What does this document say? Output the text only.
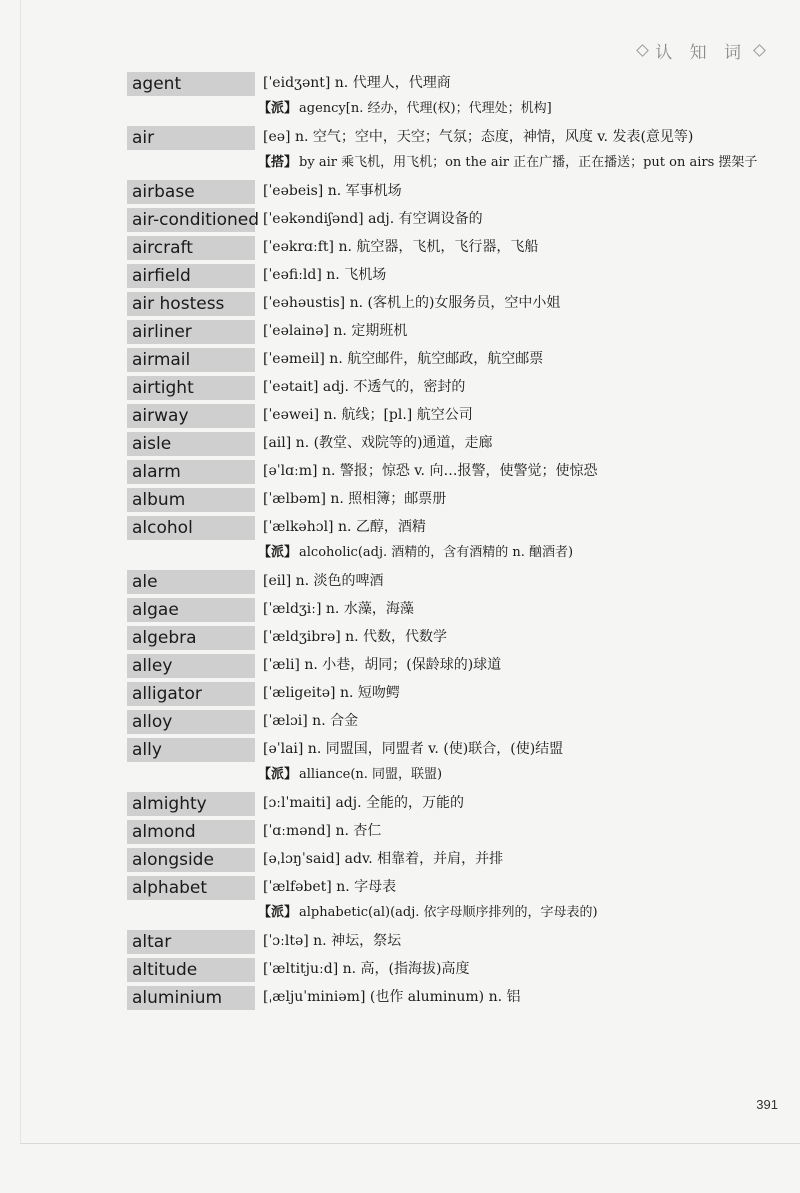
认 知 词
agent	[ˈeidʒənt] n. 代理人，代理商
【派】 agency[n. 经办，代理(权)；代理处；机构]
air	[eə] n. 空气；空中，天空；气氛；态度，神情，风度 v. 发表(意见等)
【搭】 by air 乘飞机，用飞机；on the air 正在广播，正在播送；put on airs 摆架子
airbase	[ˈeəbeis] n. 军事机场
air-conditioned [ˈeəkəndiʃənd] adj. 有空调设备的
aircraft	[ˈeəkrɑːft] n. 航空器，飞机，飞行器，飞船
airfield	[ˈeəfiːld] n. 飞机场
air hostess	[ˈeəhəustis] n. (客机上的)女服务员，空中小姐
airliner	[ˈeəlainə] n. 定期班机
airmail	[ˈeəmeil] n. 航空邮件，航空邮政，航空邮票
airtight	[ˈeətait] adj. 不透气的，密封的
airway	[ˈeəwei] n. 航线；[pl.] 航空公司
aisle	[ail] n. (教堂、戏院等的)通道，走廊
alarm	[əˈlɑːm] n. 警报；惊恐 v. 向…报警，使警觉；使惊恐
album	[ˈælbəm] n. 照相簿；邮票册
alcohol	[ˈælkəhɔl] n. 乙醇，酒精
【派】 alcoholic(adj. 酒精的，含有酒精的 n. 酗酒者)
ale	[eil] n. 淡色的啤酒
algae	[ˈældʒiː] n. 水藻，海藻
algebra	[ˈældʒibrə] n. 代数，代数学
alley	[ˈæli] n. 小巷，胡同；(保龄球的)球道
alligator	[ˈæligeitə] n. 短吻鳄
alloy	[ˈælɔi] n. 合金
ally	[əˈlai] n. 同盟国，同盟者 v. (使)联合，(使)结盟
【派】 alliance(n. 同盟，联盟)
almighty	[ɔːlˈmaiti] adj. 全能的，万能的
almond	[ˈɑːmənd] n. 杏仁
alongside	[əˌlɔŋˈsaid] adv. 相靠着，并肩，并排
alphabet	[ˈælfəbet] n. 字母表
【派】 alphabetic(al)(adj. 依字母顺序排列的，字母表的)
altar	[ˈɔːltə] n. 神坛，祭坛
altitude	[ˈæltitjuːd] n. 高，(指海拔)高度
aluminium	[ˌæljuˈminiəm] (也作 aluminum) n. 铝
391
